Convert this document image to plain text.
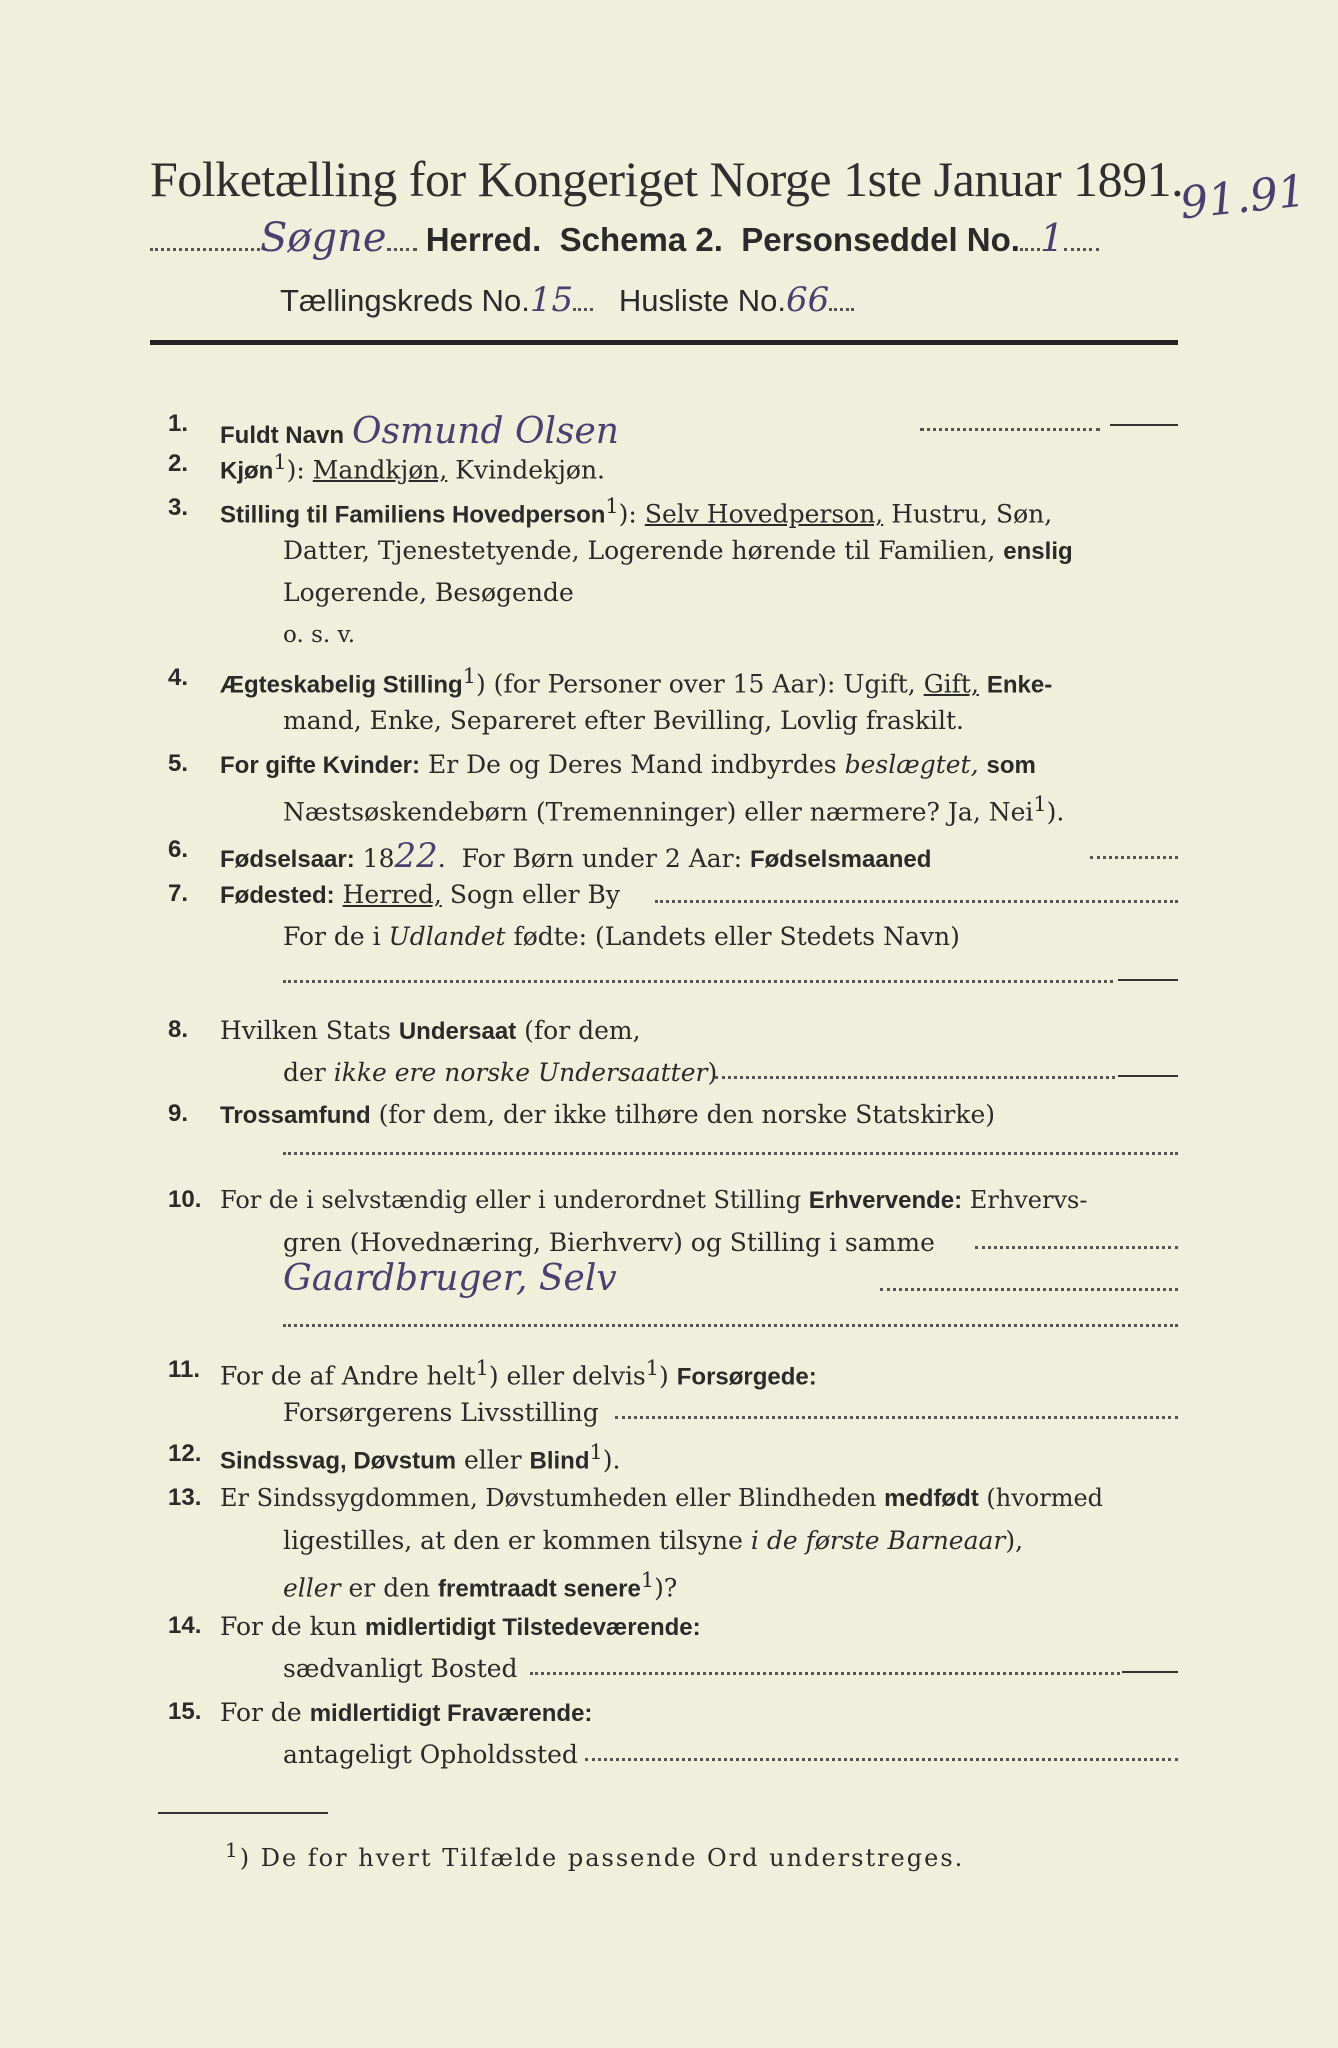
Folketælling for Kongeriget Norge 1ste Januar 1891.
91.91
Søgne Herred. Schema 2. Personseddel No. 1
Tællingskreds No.15 Husliste No.66
1.	Fuldt Navn Osmund Olsen
2.	Kjøn$^1$): Mandkjøn, Kvindekjøn.
3.	Stilling til Familiens Hovedperson$^1$): Selv Hovedperson, Hustru, Søn,
Datter, Tjenestetyende, Logerende hørende til Familien, enslig
Logerende, Besøgende
o. s. v.
4.	Ægteskabelig Stilling$^1$) (for Personer over 15 Aar): Ugift, Gift, Enke-
mand, Enke, Separeret efter Bevilling, Lovlig fraskilt.
5.	For gifte Kvinder: Er De og Deres Mand indbyrdes beslægtet, som
Næstsøskendebørn (Tremenninger) eller nærmere? Ja, Nei$^1$).
6.	Fødselsaar: 1822.  For Børn under 2 Aar: Fødselsmaaned
7.	Fødested: Herred, Sogn eller By
For de i Udlandet fødte: (Landets eller Stedets Navn)
8.	Hvilken Stats Undersaat (for dem,
der ikke ere norske Undersaatter)
9.	Trossamfund (for dem, der ikke tilhøre den norske Statskirke)
10. For de i selvstændig eller i underordnet Stilling Erhvervende: Erhvervs-
gren (Hovednæring, Bierhverv) og Stilling i samme
Gaardbruger, Selv
11. For de af Andre helt$^1$) eller delvis$^1$) Forsørgede:
Forsørgerens Livsstilling
12. Sindssvag, Døvstum eller Blind$^1$).
13. Er Sindssygdommen, Døvstumheden eller Blindheden medfødt (hvormed
ligestilles, at den er kommen tilsyne i de første Barneaar),
eller er den fremtraadt senere$^1$)?
14. For de kun midlertidigt Tilstedeværende:
sædvanligt Bosted
15. For de midlertidigt Fraværende:
antageligt Opholdssted
$^1$) De for hvert Tilfælde passende Ord understreges.
